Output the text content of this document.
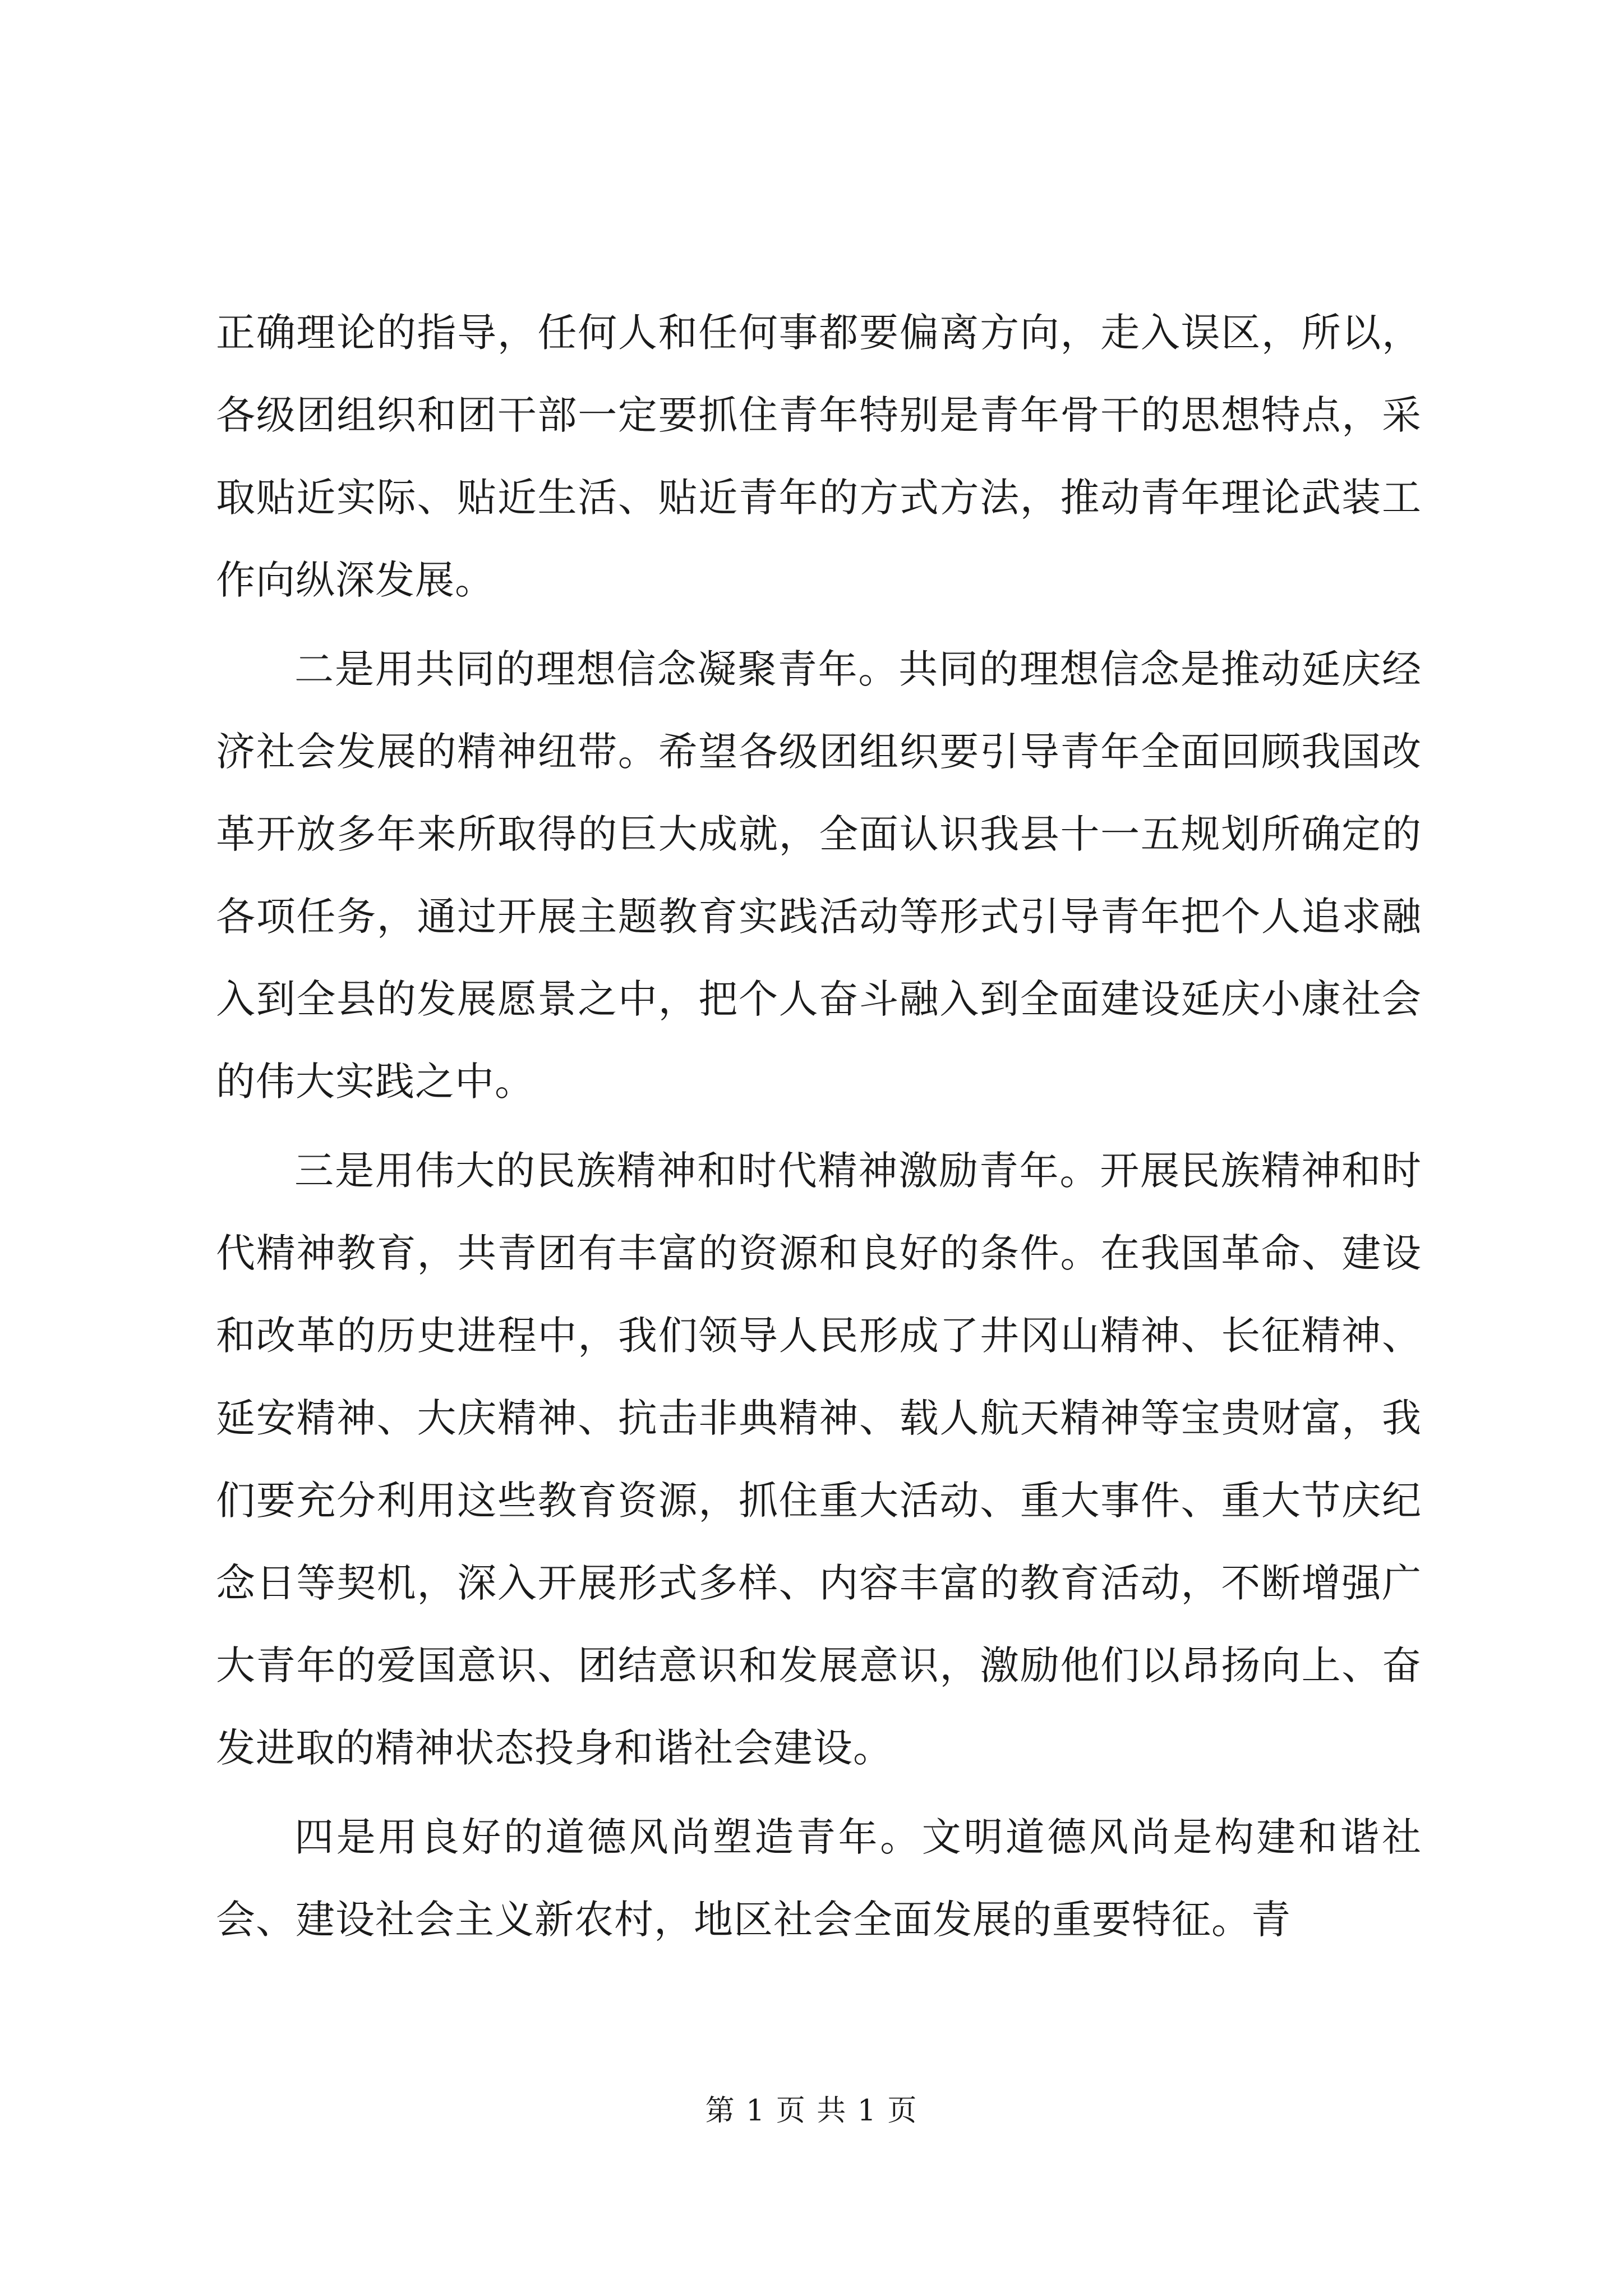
正确理论的指导，任何人和任何事都要偏离方向，走入误区，所以，各级团组织和团干部一定要抓住青年特别是青年骨干的思想特点，采取贴近实际、贴近生活、贴近青年的方式方法，推动青年理论武装工作向纵深发展。

二是用共同的理想信念凝聚青年。共同的理想信念是推动延庆经济社会发展的精神纽带。希望各级团组织要引导青年全面回顾我国改革开放多年来所取得的巨大成就，全面认识我县十一五规划所确定的各项任务，通过开展主题教育实践活动等形式引导青年把个人追求融入到全县的发展愿景之中，把个人奋斗融入到全面建设延庆小康社会的伟大实践之中。

三是用伟大的民族精神和时代精神激励青年。开展民族精神和时代精神教育，共青团有丰富的资源和良好的条件。在我国革命、建设和改革的历史进程中，我们领导人民形成了井冈山精神、长征精神、延安精神、大庆精神、抗击非典精神、载人航天精神等宝贵财富，我们要充分利用这些教育资源，抓住重大活动、重大事件、重大节庆纪念日等契机，深入开展形式多样、内容丰富的教育活动，不断增强广大青年的爱国意识、团结意识和发展意识，激励他们以昂扬向上、奋发进取的精神状态投身和谐社会建设。

四是用良好的道德风尚塑造青年。文明道德风尚是构建和谐社会、建设社会主义新农村，地区社会全面发展的重要特征。青

第 1 页 共 1 页
